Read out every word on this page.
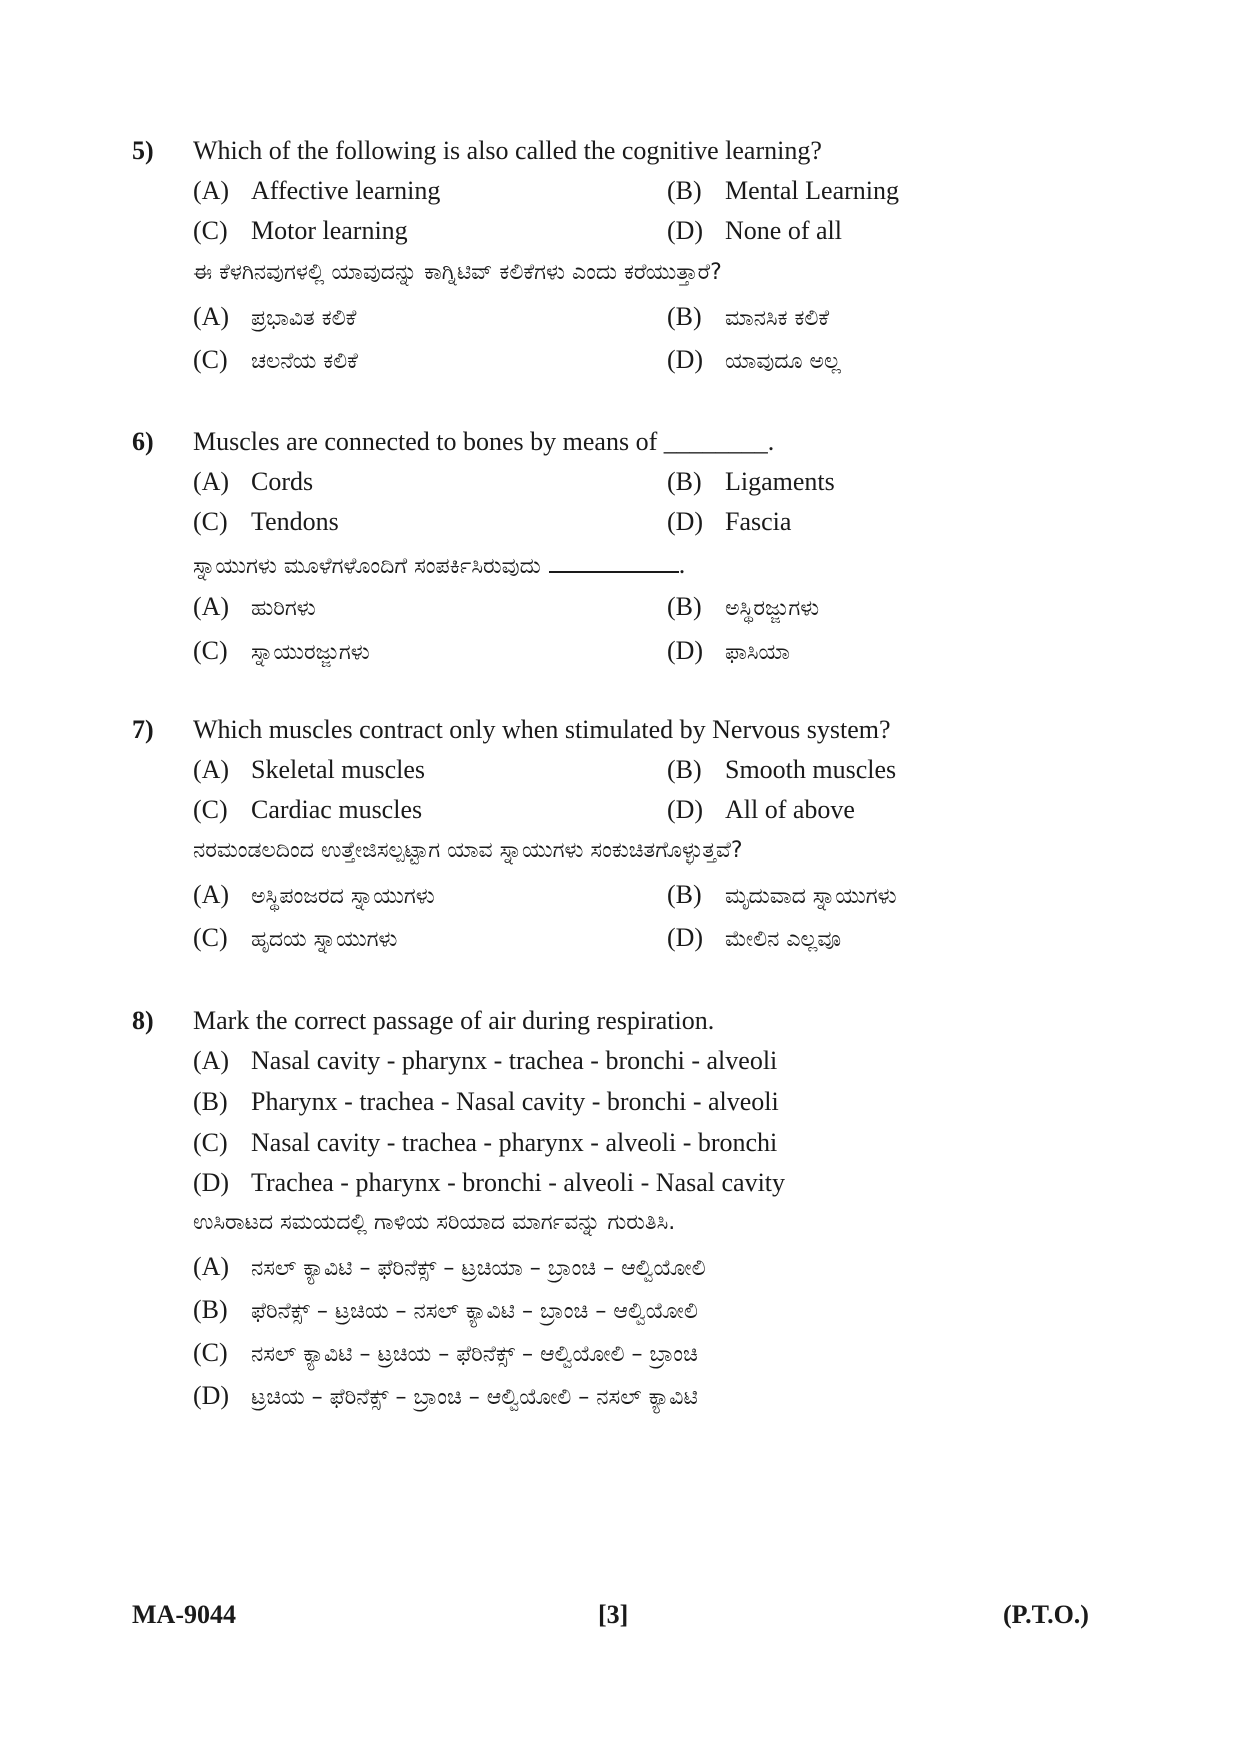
5) Which of the following is also called the cognitive learning?
(A) Affective learning	(B) Mental Learning
(C) Motor learning	(D) None of all
ಈ ಕೆಳಗಿನವುಗಳಲ್ಲಿ ಯಾವುದನ್ನು ಕಾಗ್ನಿಟಿವ್ ಕಲಿಕೆಗಳು ಎಂದು ಕರೆಯುತ್ತಾರೆ?
(A) ಪ್ರಭಾವಿತ ಕಲಿಕೆ	(B) ಮಾನಸಿಕ ಕಲಿಕೆ
(C) ಚಲನೆಯ ಕಲಿಕೆ	(D) ಯಾವುದೂ ಅಲ್ಲ
6) Muscles are connected to bones by means of ________.
(A) Cords	(B) Ligaments
(C) Tendons	(D) Fascia
ಸ್ನಾಯುಗಳು ಮೂಳೆಗಳೊಂದಿಗೆ ಸಂಪರ್ಕಿಸಿರುವುದು	.
(A) ಹುರಿಗಳು	(B) ಅಸ್ಥಿರಜ್ಜುಗಳು
(C) ಸ್ನಾಯುರಜ್ಜುಗಳು	(D) ಫಾಸಿಯಾ
7) Which muscles contract only when stimulated by Nervous system?
(A) Skeletal muscles	(B) Smooth muscles
(C) Cardiac muscles	(D) All of above
ನರಮಂಡಲದಿಂದ ಉತ್ತೇಜಿಸಲ್ಪಟ್ಟಾಗ ಯಾವ ಸ್ನಾಯುಗಳು ಸಂಕುಚಿತಗೊಳ್ಳುತ್ತವೆ?
(A) ಅಸ್ಥಿಪಂಜರದ ಸ್ನಾಯುಗಳು	(B) ಮೃದುವಾದ ಸ್ನಾಯುಗಳು
(C) ಹೃದಯ ಸ್ನಾಯುಗಳು	(D) ಮೇಲಿನ ಎಲ್ಲವೂ
8) Mark the correct passage of air during respiration.
(A) Nasal cavity - pharynx - trachea - bronchi - alveoli
(B) Pharynx - trachea - Nasal cavity - bronchi - alveoli
(C) Nasal cavity - trachea - pharynx - alveoli - bronchi
(D) Trachea - pharynx - bronchi - alveoli - Nasal cavity
ಉಸಿರಾಟದ ಸಮಯದಲ್ಲಿ ಗಾಳಿಯ ಸರಿಯಾದ ಮಾರ್ಗವನ್ನು ಗುರುತಿಸಿ.
(A) ನಸಲ್ ಕ್ಯಾವಿಟಿ – ಫೆರಿನೆಕ್ಸ್ – ಟ್ರಚಿಯಾ – ಬ್ರಾಂಚಿ – ಆಲ್ವಿಯೋಲಿ
(B) ಫೆರಿನೆಕ್ಸ್ – ಟ್ರಚಿಯ – ನಸಲ್ ಕ್ಯಾವಿಟಿ – ಬ್ರಾಂಚಿ – ಆಲ್ವಿಯೋಲಿ
(C) ನಸಲ್ ಕ್ಯಾವಿಟಿ – ಟ್ರಚಿಯ – ಫೆರಿನೆಕ್ಸ್ – ಆಲ್ವಿಯೋಲಿ – ಬ್ರಾಂಚಿ
(D) ಟ್ರಚಿಯ – ಫೆರಿನೆಕ್ಸ್ – ಬ್ರಾಂಚಿ – ಆಲ್ವಿಯೋಲಿ – ನಸಲ್ ಕ್ಯಾವಿಟಿ
MA-9044	[3]	(P.T.O.)
